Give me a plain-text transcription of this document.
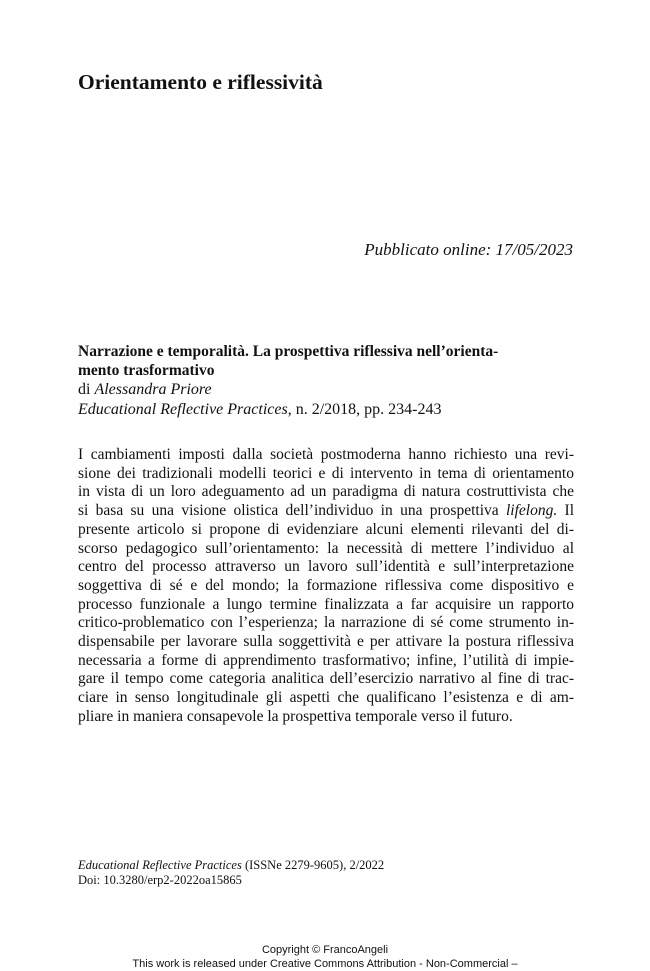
Orientamento e riflessività
Pubblicato online: 17/05/2023

Narrazione e temporalità. La prospettiva riflessiva nell’orienta-
mento trasformativo

di Alessandra Priore
Educational Reflective Practices, n. 2/2018, pp. 234-243

I cambiamenti imposti dalla società postmoderna hanno richiesto una revi-
sione dei tradizionali modelli teorici e di intervento in tema di orientamento
in vista di un loro adeguamento ad un paradigma di natura costruttivista che
si basa su una visione olistica dell’individuo in una prospettiva lifelong. Il
presente articolo si propone di evidenziare alcuni elementi rilevanti del di-
scorso pedagogico sull’orientamento: la necessità di mettere l’individuo al
centro del processo attraverso un lavoro sull’identità e sull’interpretazione
soggettiva di sé e del mondo; la formazione riflessiva come dispositivo e
processo funzionale a lungo termine finalizzata a far acquisire un rapporto
critico-problematico con l’esperienza; la narrazione di sé come strumento in-
dispensabile per lavorare sulla soggettività e per attivare la postura riflessiva
necessaria a forme di apprendimento trasformativo; infine, l’utilità di impie-
gare il tempo come categoria analitica dell’esercizio narrativo al fine di trac-
ciare in senso longitudinale gli aspetti che qualificano l’esistenza e di am-
pliare in maniera consapevole la prospettiva temporale verso il futuro.

Educational Reflective Practices (ISSNe 2279-9605), 2/2022
Doi: 10.3280/erp2-2022oa15865
Copyright © FrancoAngeli
This work is released under Creative Commons Attribution - Non-Commercial –
